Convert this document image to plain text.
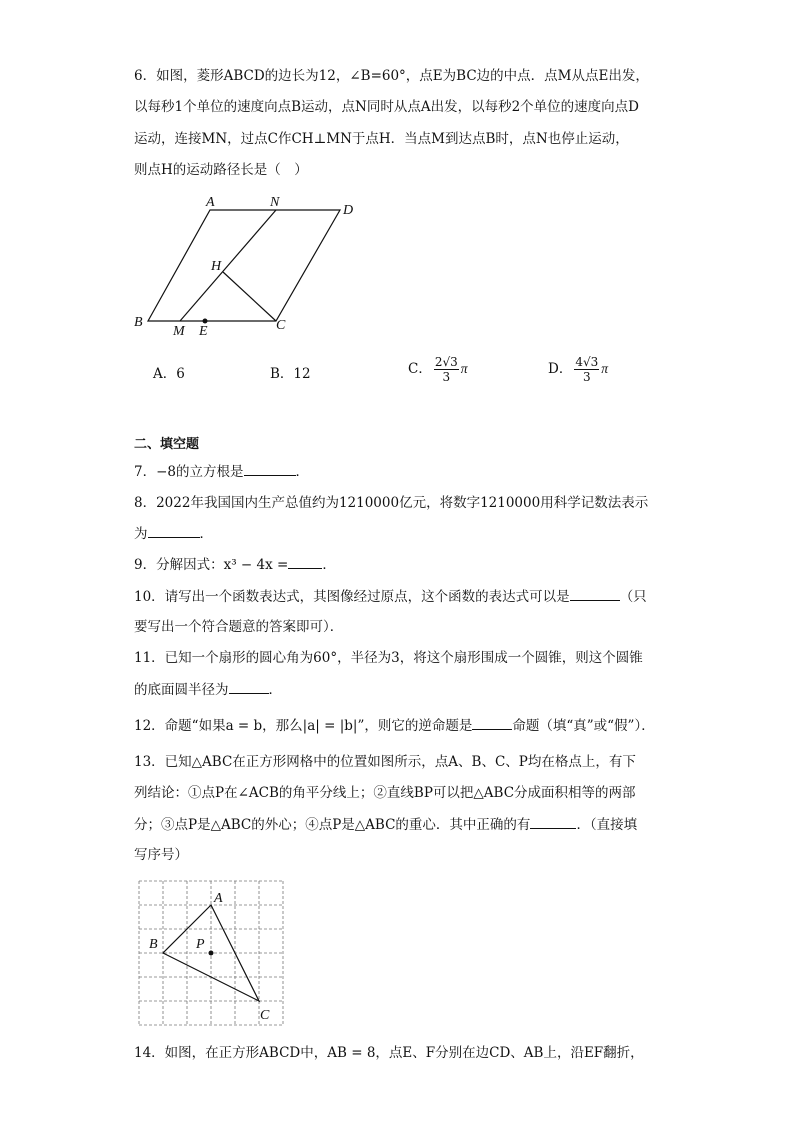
6．如图，菱形ABCD的边长为12，∠B=60°，点E为BC边的中点．点M从点E出发，
以每秒1个单位的速度向点B运动，点N同时从点A出发，以每秒2个单位的速度向点D
运动，连接MN，过点C作CH⊥MN于点H．当点M到达点B时，点N也停止运动，
则点H的运动路径长是（　）
A	N
D
H
B
M E	C
A．6	B．12	C． $\frac{2√3}{3}$ π	D． $\frac{4√3}{3}$ π
二、填空题
7．−8的立方根是	．
8．2022年我国国内生产总值约为1210000亿元，将数字1210000用科学记数法表示
为	．
9．分解因式：x³ − 4x =	．
10．请写出一个函数表达式，其图像经过原点，这个函数的表达式可以是	（只
要写出一个符合题意的答案即可）．
11．已知一个扇形的圆心角为60°，半径为3，将这个扇形围成一个圆锥，则这个圆锥
的底面圆半径为	．
12．命题“如果a = b，那么|a| = |b|”，则它的逆命题是	命题（填“真”或“假”）．
13．已知△ABC在正方形网格中的位置如图所示，点A、B、C、P均在格点上，有下
列结论：①点P在∠ACB的角平分线上；②直线BP可以把△ABC分成面积相等的两部
分；③点P是△ABC的外心；④点P是△ABC的重心．其中正确的有	．（直接填
写序号）
A
B	P
C
14．如图，在正方形ABCD中，AB = 8，点E、F分别在边CD、AB上，沿EF翻折，
